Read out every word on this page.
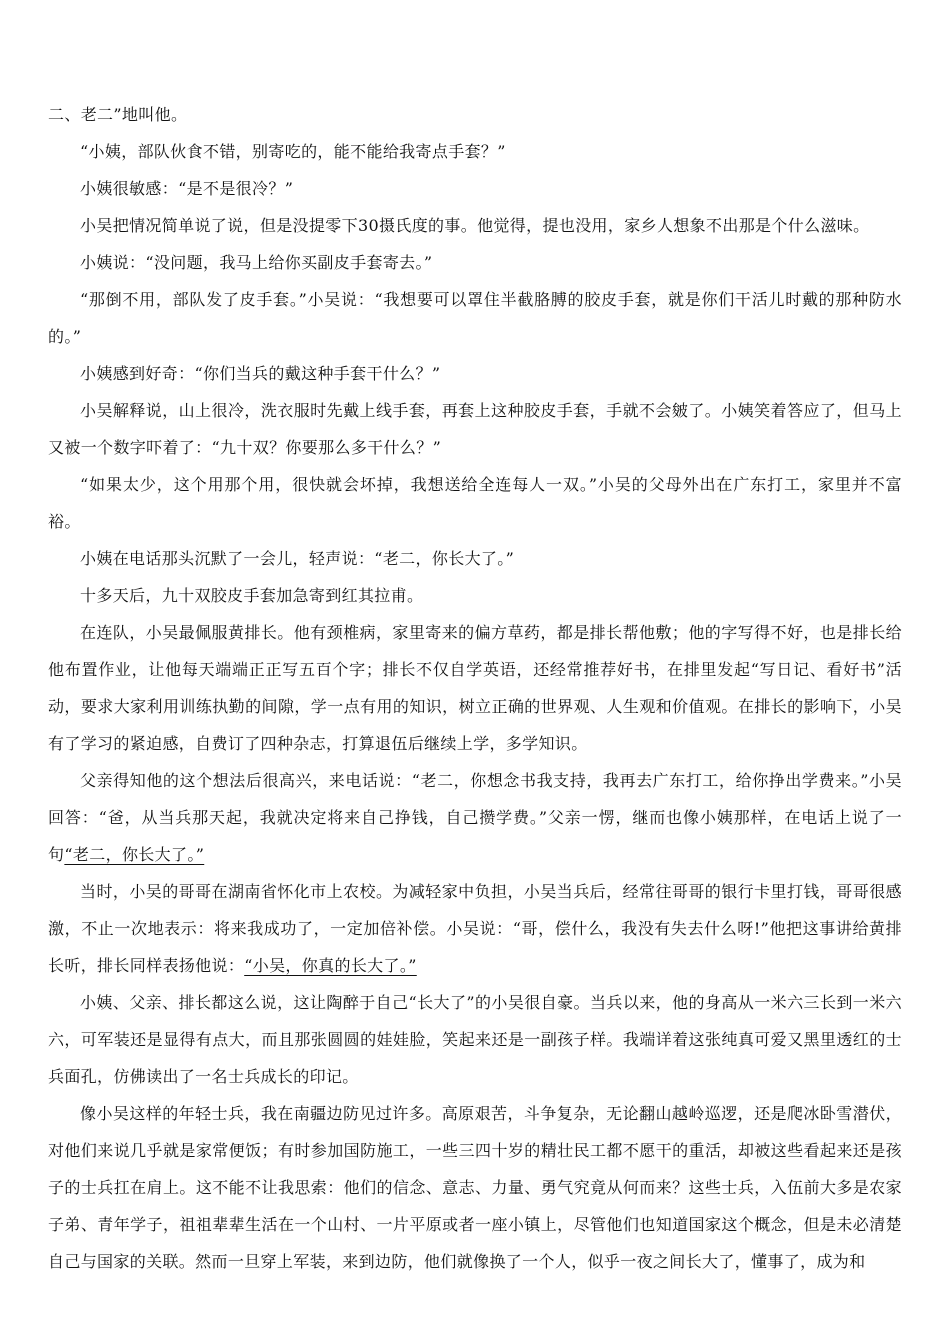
二、老二”地叫他。

“小姨，部队伙食不错，别寄吃的，能不能给我寄点手套？”

小姨很敏感：“是不是很冷？”

小吴把情况简单说了说，但是没提零下30摄氏度的事。他觉得，提也没用，家乡人想象不出那是个什么滋味。

小姨说：“没问题，我马上给你买副皮手套寄去。”

“那倒不用，部队发了皮手套。”小吴说：“我想要可以罩住半截胳膊的胶皮手套，就是你们干活儿时戴的那种防水的。”

小姨感到好奇：“你们当兵的戴这种手套干什么？”

小吴解释说，山上很冷，洗衣服时先戴上线手套，再套上这种胶皮手套，手就不会皴了。小姨笑着答应了，但马上又被一个数字吓着了：“九十双？你要那么多干什么？”

“如果太少，这个用那个用，很快就会坏掉，我想送给全连每人一双。”小吴的父母外出在广东打工，家里并不富裕。

小姨在电话那头沉默了一会儿，轻声说：“老二，你长大了。”

十多天后，九十双胶皮手套加急寄到红其拉甫。

在连队，小吴最佩服黄排长。他有颈椎病，家里寄来的偏方草药，都是排长帮他敷；他的字写得不好，也是排长给他布置作业，让他每天端端正正写五百个字；排长不仅自学英语，还经常推荐好书，在排里发起“写日记、看好书”活动，要求大家利用训练执勤的间隙，学一点有用的知识，树立正确的世界观、人生观和价值观。在排长的影响下，小吴有了学习的紧迫感，自费订了四种杂志，打算退伍后继续上学，多学知识。

父亲得知他的这个想法后很高兴，来电话说：“老二，你想念书我支持，我再去广东打工，给你挣出学费来。”小吴回答：“爸，从当兵那天起，我就决定将来自己挣钱，自己攒学费。”父亲一愣，继而也像小姨那样，在电话上说了一句“老二，你长大了。”

当时，小吴的哥哥在湖南省怀化市上农校。为减轻家中负担，小吴当兵后，经常往哥哥的银行卡里打钱，哥哥很感激，不止一次地表示：将来我成功了，一定加倍补偿。小吴说：“哥，偿什么，我没有失去什么呀!”他把这事讲给黄排长听，排长同样表扬他说：“小吴，你真的长大了。”

小姨、父亲、排长都这么说，这让陶醉于自己“长大了”的小吴很自豪。当兵以来，他的身高从一米六三长到一米六六，可军装还是显得有点大，而且那张圆圆的娃娃脸，笑起来还是一副孩子样。我端详着这张纯真可爱又黑里透红的士兵面孔，仿佛读出了一名士兵成长的印记。

像小吴这样的年轻士兵，我在南疆边防见过许多。高原艰苦，斗争复杂，无论翻山越岭巡逻，还是爬冰卧雪潜伏，对他们来说几乎就是家常便饭；有时参加国防施工，一些三四十岁的精壮民工都不愿干的重活，却被这些看起来还是孩子的士兵扛在肩上。这不能不让我思索：他们的信念、意志、力量、勇气究竟从何而来？这些士兵，入伍前大多是农家子弟、青年学子，祖祖辈辈生活在一个山村、一片平原或者一座小镇上，尽管他们也知道国家这个概念，但是未必清楚自己与国家的关联。然而一旦穿上军装，来到边防，他们就像换了一个人，似乎一夜之间长大了，懂事了，成为和
